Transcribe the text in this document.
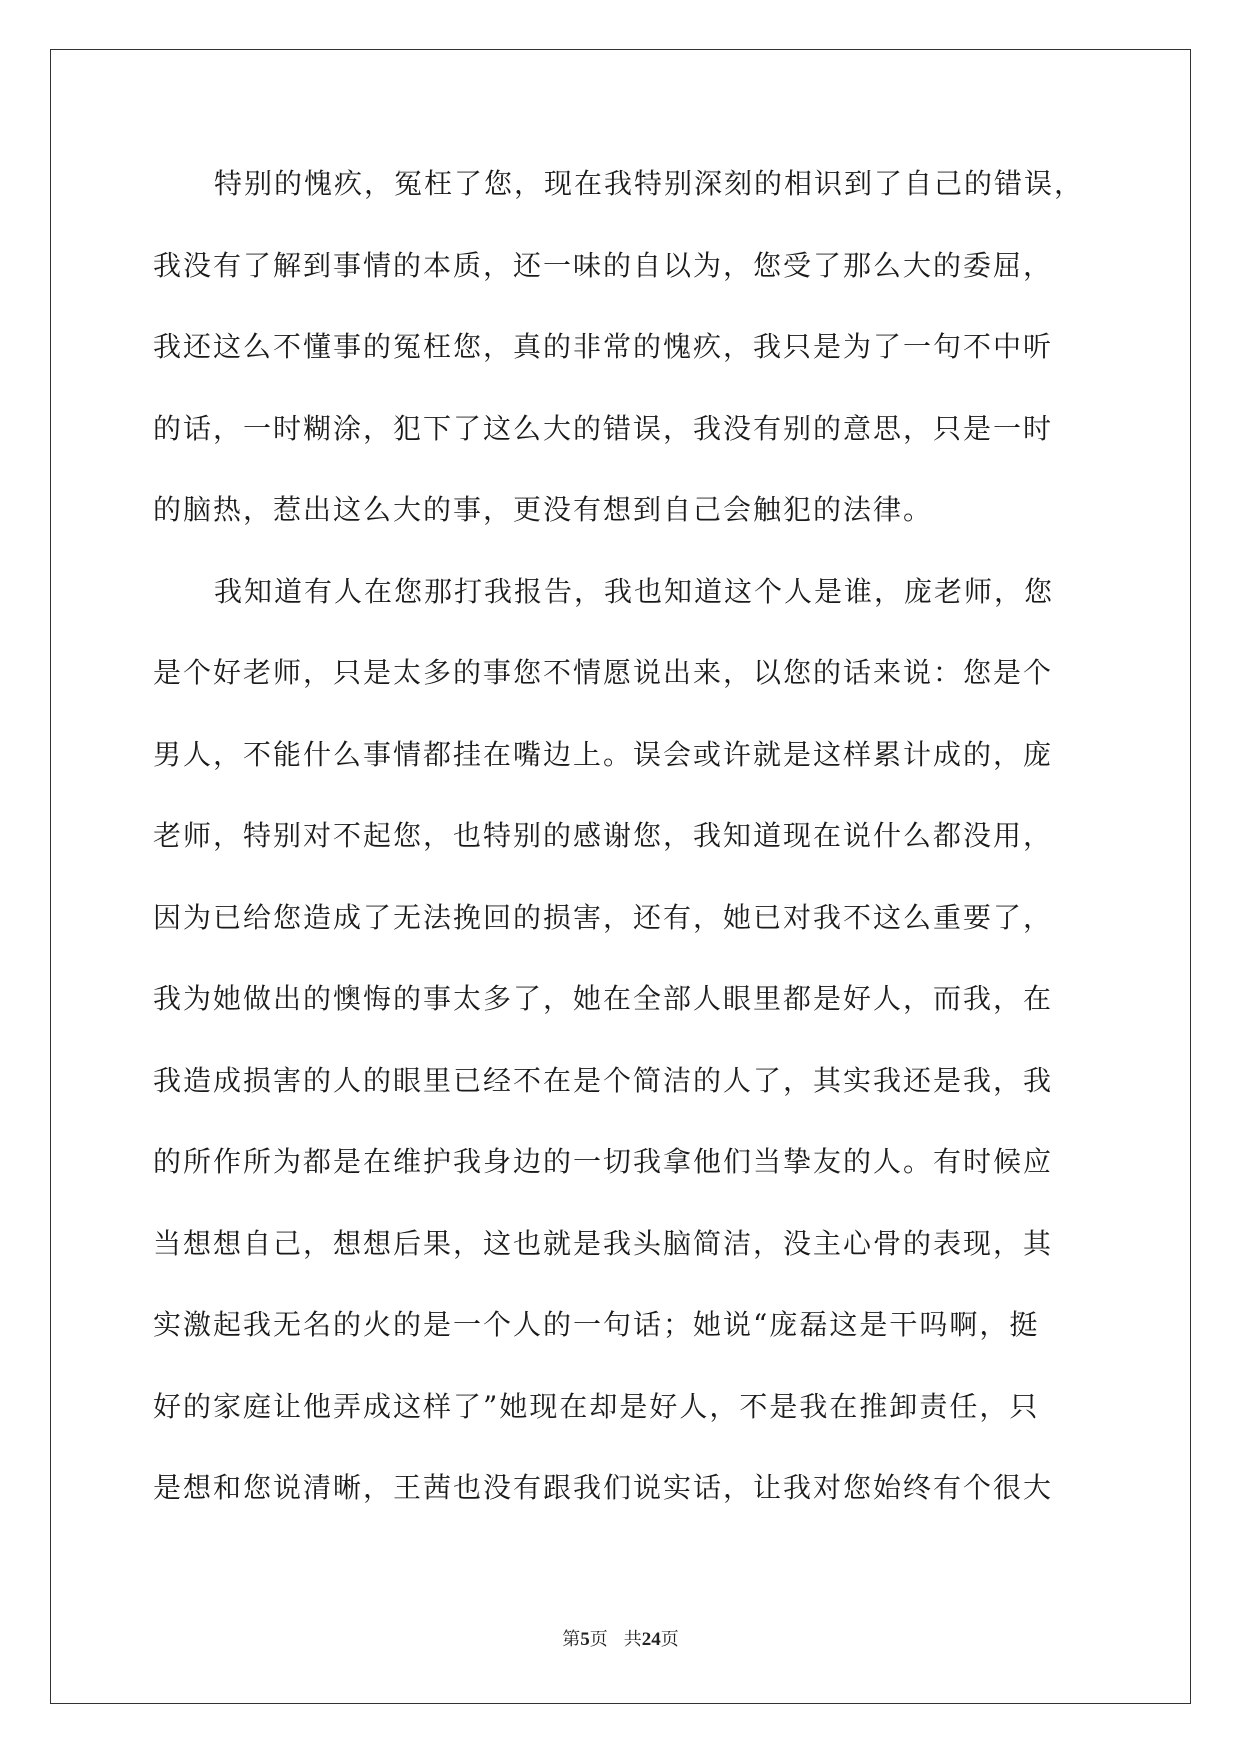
特别的愧疚，冤枉了您，现在我特别深刻的相识到了自己的错误，
我没有了解到事情的本质，还一味的自以为，您受了那么大的委屈，
我还这么不懂事的冤枉您，真的非常的愧疚，我只是为了一句不中听
的话，一时糊涂，犯下了这么大的错误，我没有别的意思，只是一时
的脑热，惹出这么大的事，更没有想到自己会触犯的法律。
我知道有人在您那打我报告，我也知道这个人是谁，庞老师，您
是个好老师，只是太多的事您不情愿说出来，以您的话来说：您是个
男人，不能什么事情都挂在嘴边上。误会或许就是这样累计成的，庞
老师，特别对不起您，也特别的感谢您，我知道现在说什么都没用，
因为已给您造成了无法挽回的损害，还有，她已对我不这么重要了，
我为她做出的懊悔的事太多了，她在全部人眼里都是好人，而我，在
我造成损害的人的眼里已经不在是个简洁的人了，其实我还是我，我
的所作所为都是在维护我身边的一切我拿他们当挚友的人。有时候应
当想想自己，想想后果，这也就是我头脑简洁，没主心骨的表现，其
实激起我无名的火的是一个人的一句话；她说“庞磊这是干吗啊，挺
好的家庭让他弄成这样了”她现在却是好人，不是我在推卸责任，只
是想和您说清晰，王茜也没有跟我们说实话，让我对您始终有个很大
第5页 共24页
